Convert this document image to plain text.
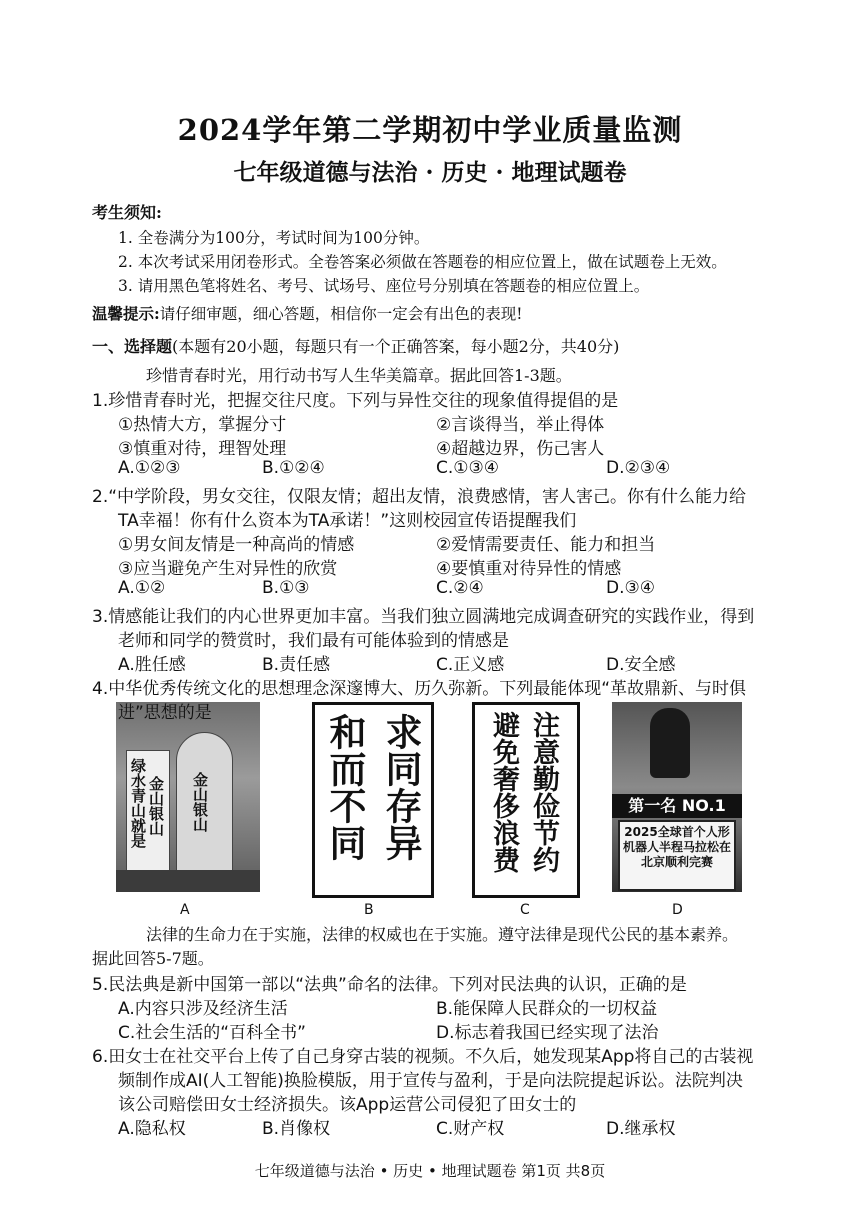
2024学年第二学期初中学业质量监测
七年级道德与法治 · 历史 · 地理试题卷
考生须知:
1. 全卷满分为100分，考试时间为100分钟。
2. 本次考试采用闭卷形式。全卷答案必须做在答题卷的相应位置上，做在试题卷上无效。
3. 请用黑色笔将姓名、考号、试场号、座位号分别填在答题卷的相应位置上。
温馨提示:请仔细审题，细心答题，相信你一定会有出色的表现!
一、选择题(本题有20小题，每题只有一个正确答案，每小题2分，共40分)
珍惜青春时光，用行动书写人生华美篇章。据此回答1-3题。
1.珍惜青春时光，把握交往尺度。下列与异性交往的现象值得提倡的是
①热情大方，掌握分寸	②言谈得当，举止得体
③慎重对待，理智处理	④超越边界，伤己害人
A.①②③	B.①②④	C.①③④	D.②③④
2.“中学阶段，男女交往，仅限友情；超出友情，浪费感情，害人害己。你有什么能力给
TA幸福！你有什么资本为TA承诺！”这则校园宣传语提醒我们
①男女间友情是一种高尚的情感	②爱情需要责任、能力和担当
③应当避免产生对异性的欣赏	④要慎重对待异性的情感
A.①②	B.①③	C.②④	D.③④
3.情感能让我们的内心世界更加丰富。当我们独立圆满地完成调查研究的实践作业，得到
老师和同学的赞赏时，我们最有可能体验到的情感是
A.胜任感	B.责任感	C.正义感	D.安全感
4.中华优秀传统文化的思想理念深邃博大、历久弥新。下列最能体现“革故鼎新、与时俱
绿水青山就是 金山银山 金山银山	求同存异
和而不同	注意勤俭节约
避免奢侈浪费	第一名 NO.1
2025全球首个人形机器人半程马拉松在北京顺利完赛
A	B	C	D
法律的生命力在于实施，法律的权威也在于实施。遵守法律是现代公民的基本素养。
据此回答5-7题。
5.民法典是新中国第一部以“法典”命名的法律。下列对民法典的认识，正确的是
A.内容只涉及经济生活	B.能保障人民群众的一切权益
C.社会生活的“百科全书”	D.标志着我国已经实现了法治
6.田女士在社交平台上传了自己身穿古装的视频。不久后，她发现某App将自己的古装视
频制作成AI(人工智能)换脸模版，用于宣传与盈利，于是向法院提起诉讼。法院判决
该公司赔偿田女士经济损失。该App运营公司侵犯了田女士的
A.隐私权	B.肖像权	C.财产权	D.继承权
七年级道德与法治 • 历史 • 地理试题卷 第1页 共8页
进”思想的是
